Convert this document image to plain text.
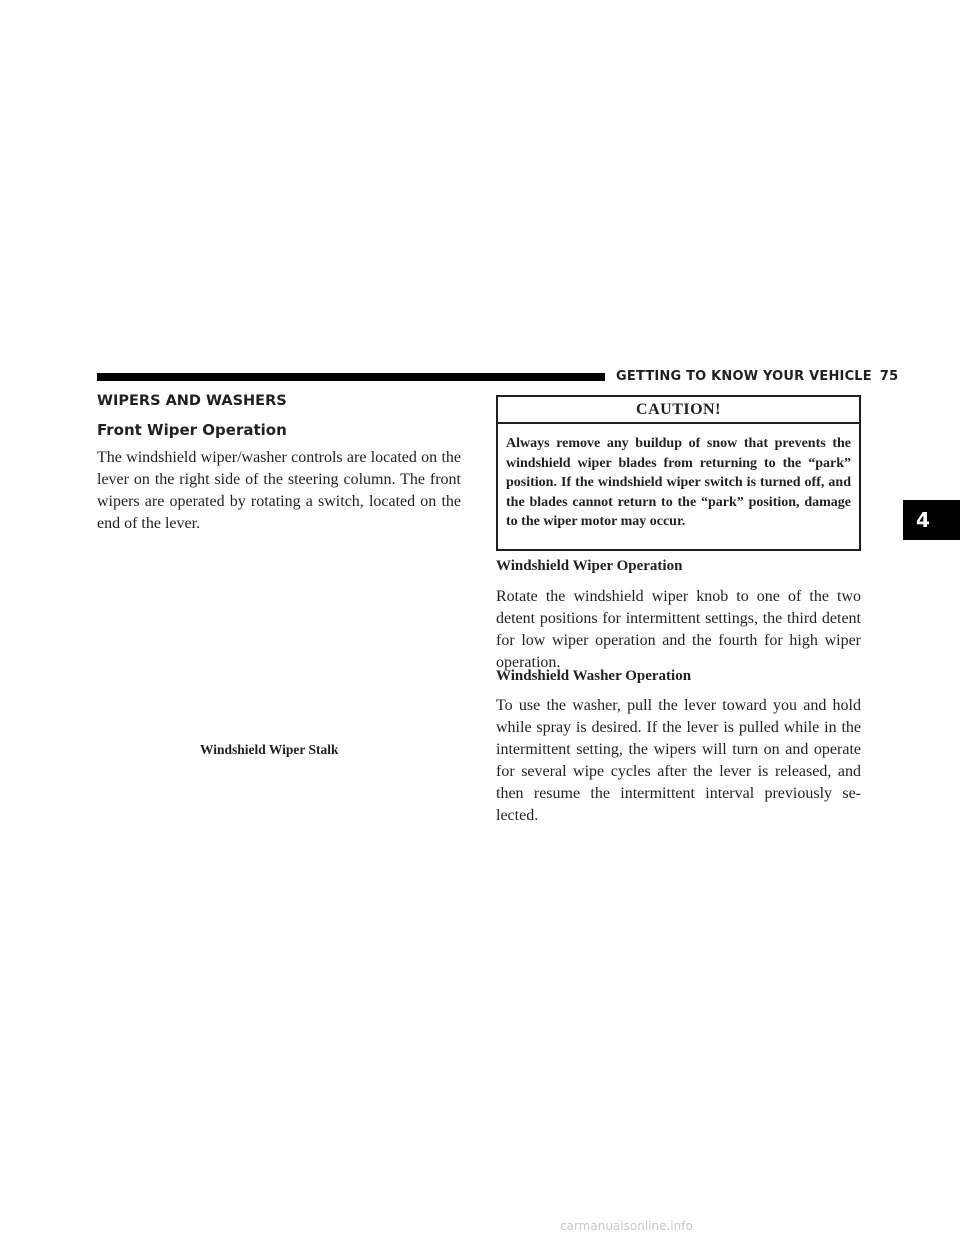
GETTING TO KNOW YOUR VEHICLE 75
4
WIPERS AND WASHERS
Front Wiper Operation

The windshield wiper/washer controls are located on the lever on the right side of the steering column. The front wipers are operated by rotating a switch, located on the end of the lever.

Windshield Wiper Stalk

CAUTION!

Always remove any buildup of snow that prevents the windshield wiper blades from returning to the “park” position. If the windshield wiper switch is turned off, and the blades cannot return to the “park” position, damage to the wiper motor may occur.

Windshield Wiper Operation

Rotate the windshield wiper knob to one of the two detent positions for intermittent settings, the third detent for low wiper operation and the fourth for high wiper operation.

Windshield Washer Operation

To use the washer, pull the lever toward you and hold while spray is desired. If the lever is pulled while in the intermittent setting, the wipers will turn on and operate for several wipe cycles after the lever is released, and then resume the intermittent interval previously se-lected.

carmanualsonline.info
